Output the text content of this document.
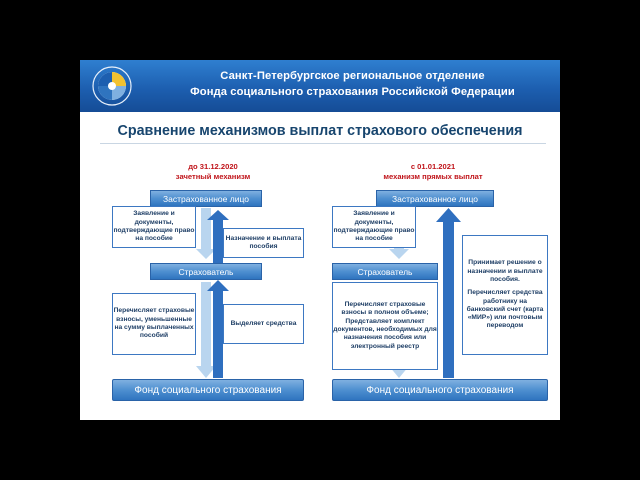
Санкт-Петербургское региональное отделение
Фонда социального страхования Российской Федерации
Сравнение механизмов выплат страхового обеспечения
до 31.12.2020
зачетный механизм
Застрахованное лицо
Заявление и документы, подтверждающие право на пособие	Назначение и выплата пособия
Страхователь
Перечисляет страховые взносы, уменьшенные на сумму выплаченных пособий
Выделяет средства
Фонд социального страхования
с 01.01.2021
механизм прямых выплат
Застрахованное лицо
Заявление и документы, подтверждающие право на пособие
Страхователь
Перечисляет страховые взносы в полном объеме; Представляет комплект документов, необходимых для назначения пособия или электронный реестр
Принимает решение о назначении и выплате пособия.
Перечисляет средства работнику на банковский счет (карта «МИР») или почтовым переводом
Фонд социального страхования
